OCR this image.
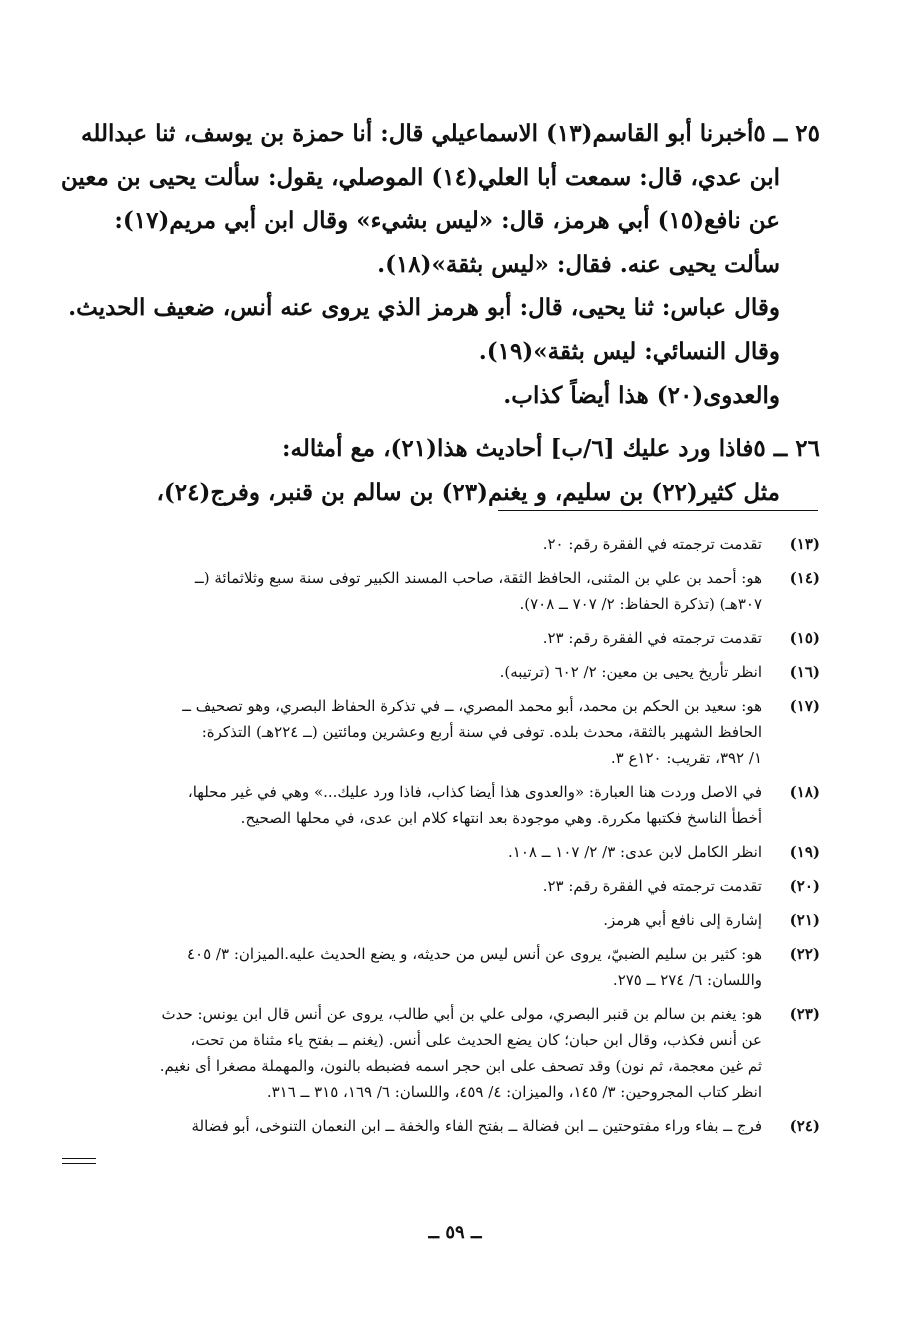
٢٥ ــ ٥أخبرنا أبو القاسم(١٣) الاسماعيلي قال: أنا حمزة بن يوسف، ثنا عبدالله
ابن عدي، قال: سمعت أبا العلي(١٤) الموصلي، يقول: سألت يحيى بن معين
عن نافع(١٥) أبي هرمز، قال: «ليس بشيء» وقال ابن أبي مريم(١٧):
سألت يحيى عنه. فقال: «ليس بثقة»(١٨).
وقال عباس: ثنا يحيى، قال: أبو هرمز الذي يروى عنه أنس، ضعيف الحديث.
وقال النسائي: ليس بثقة»(١٩).
والعدوى(٢٠) هذا أيضاً كذاب.
٢٦ ــ ٥فاذا ورد عليك [٦/ب] أحاديث هذا(٢١)، مع أمثاله:
مثل كثير(٢٢) بن سليم، و يغنم(٢٣) بن سالم بن قنبر، وفرج(٢٤)،
(١٣)
تقدمت ترجمته في الفقرة رقم: ٢٠.
(١٤)
هو: أحمد بن علي بن المثنى، الحافظ الثقة، صاحب المسند الكبير توفى سنة سبع وثلاثمائة (ــ
٣٠٧هـ) (تذكرة الحفاظ: ٢/ ٧٠٧ ــ ٧٠٨).
(١٥)
تقدمت ترجمته في الفقرة رقم: ٢٣.
(١٦)
انظر تأريخ يحيى بن معين: ٢/ ٦٠٢ (ترتيبه).
(١٧)
هو: سعيد بن الحكم بن محمد، أبو محمد المصري، ــ في تذكرة الحفاظ البصري، وهو تصحيف ــ
الحافظ الشهير بالثقة، محدث بلده. توفى في سنة أربع وعشرين ومائتين (ــ ٢٢٤هـ) التذكرة:
١/ ٣٩٢، تقريب: ١٢٠ع ٣.
(١٨)
في الاصل وردت هنا العبارة: «والعدوى هذا أيضا كذاب، فاذا ورد عليك...» وهي في غير محلها،
أخطأ الناسخ فكتبها مكررة. وهي موجودة بعد انتهاء كلام ابن عدى، في محلها الصحيح.
(١٩)
انظر الكامل لابن عدى: ٣/ ٢/ ١٠٧ ــ ١٠٨.
(٢٠)
تقدمت ترجمته في الفقرة رقم: ٢٣.
(٢١)
إشارة إلى نافع أبي هرمز.
(٢٢)
هو: كثير بن سليم الضبيّ، يروى عن أنس ليس من حديثه، و يضع الحديث عليه.الميزان: ٣/ ٤٠٥
واللسان: ٦/ ٢٧٤ ــ ٢٧٥.
(٢٣)
هو: يغنم بن سالم بن قنبر البصري، مولى علي بن أبي طالب، يروى عن أنس قال ابن يونس: حدث
عن أنس فكذب، وقال ابن حبان؛ كان يضع الحديث على أنس. (يغنم ــ بفتح ياء مثناة من تحت،
ثم غين معجمة، ثم نون) وقد تصحف على ابن حجر اسمه فضبطه بالنون، والمهملة مصغرا أى نغيم.
انظر كتاب المجروحين: ٣/ ١٤٥، والميزان: ٤/ ٤٥٩، واللسان: ٦/ ١٦٩، ٣١٥ ــ ٣١٦.
(٢٤)
فرج ــ بفاء وراء مفتوحتين ــ ابن فضالة ــ بفتح الفاء والخفة ــ ابن النعمان التنوخى، أبو فضالة
ــ ٥٩ ــ
